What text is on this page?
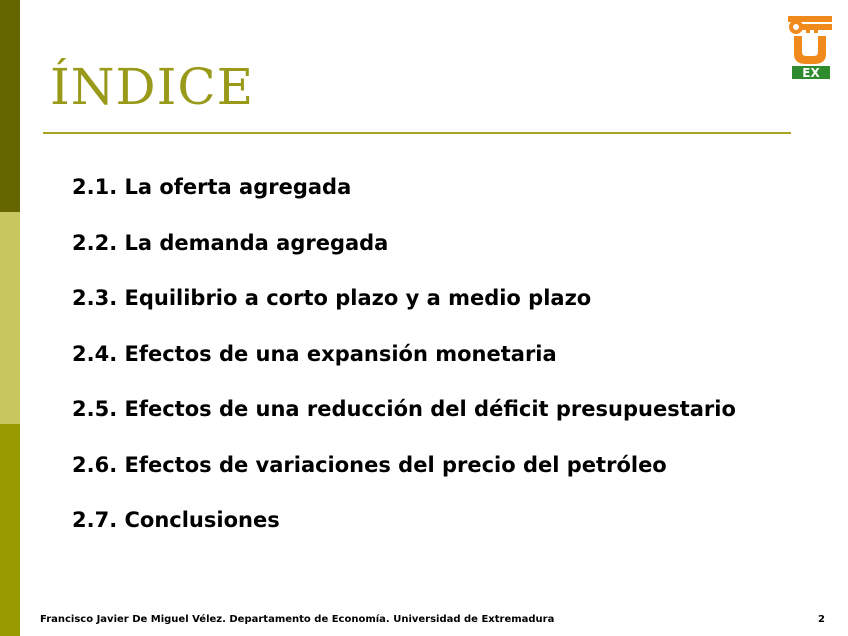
ÍNDICE	EX
2.1. La oferta agregada
2.2. La demanda agregada
2.3. Equilibrio a corto plazo y a medio plazo
2.4. Efectos de una expansión monetaria
2.5. Efectos de una reducción del déficit presupuestario
2.6. Efectos de variaciones del precio del petróleo
2.7. Conclusiones
Francisco Javier De Miguel Vélez. Departamento de Economía. Universidad de Extremadura	2
